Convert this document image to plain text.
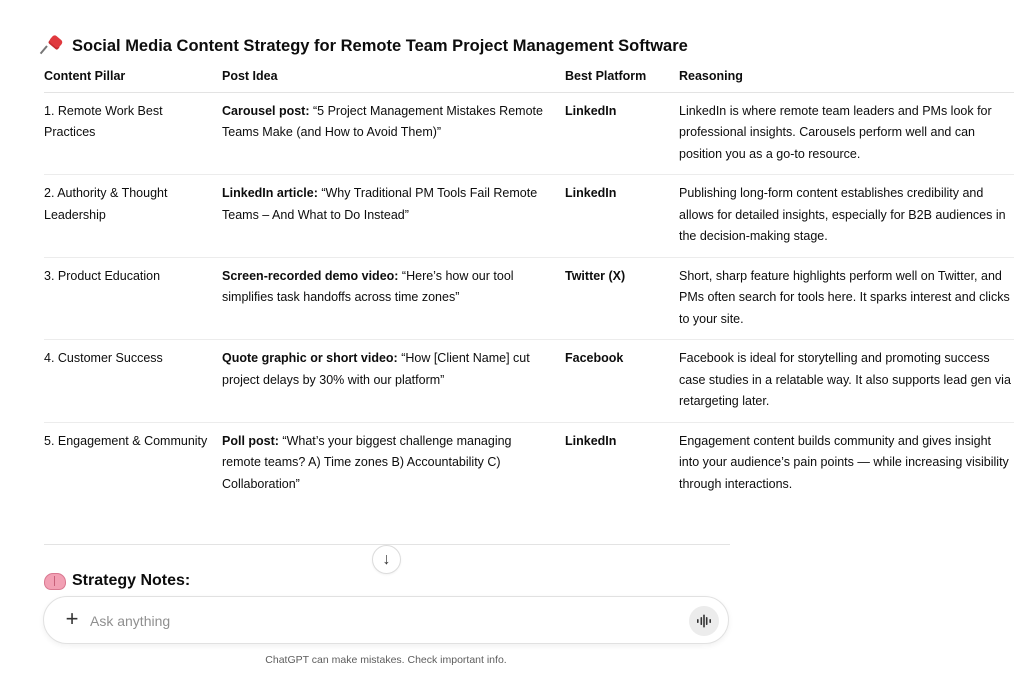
Social Media Content Strategy for Remote Team Project Management Software
Content Pillar	Post Idea	Best Platform	Reasoning
1. Remote Work Best Practices	Carousel post: “5 Project Management Mistakes Remote Teams Make (and How to Avoid Them)”	LinkedIn	LinkedIn is where remote team leaders and PMs look for professional insights. Carousels perform well and can position you as a go-to resource.
2. Authority & Thought Leadership	LinkedIn article: “Why Traditional PM Tools Fail Remote Teams – And What to Do Instead”	LinkedIn	Publishing long-form content establishes credibility and allows for detailed insights, especially for B2B audiences in the decision-making stage.
3. Product Education	Screen-recorded demo video: “Here’s how our tool simplifies task handoffs across time zones”	Twitter (X)	Short, sharp feature highlights perform well on Twitter, and PMs often search for tools here. It sparks interest and clicks to your site.
4. Customer Success	Quote graphic or short video: “How [Client Name] cut project delays by 30% with our platform”	Facebook	Facebook is ideal for storytelling and promoting success case studies in a relatable way. It also supports lead gen via retargeting later.
5. Engagement & Community	Poll post: “What’s your biggest challenge managing remote teams? A) Time zones B) Accountability C) Collaboration”	LinkedIn	Engagement content builds community and gives insight into your audience’s pain points — while increasing visibility through interactions.
↓
Strategy Notes:
+
Ask anything
ChatGPT can make mistakes. Check important info.
